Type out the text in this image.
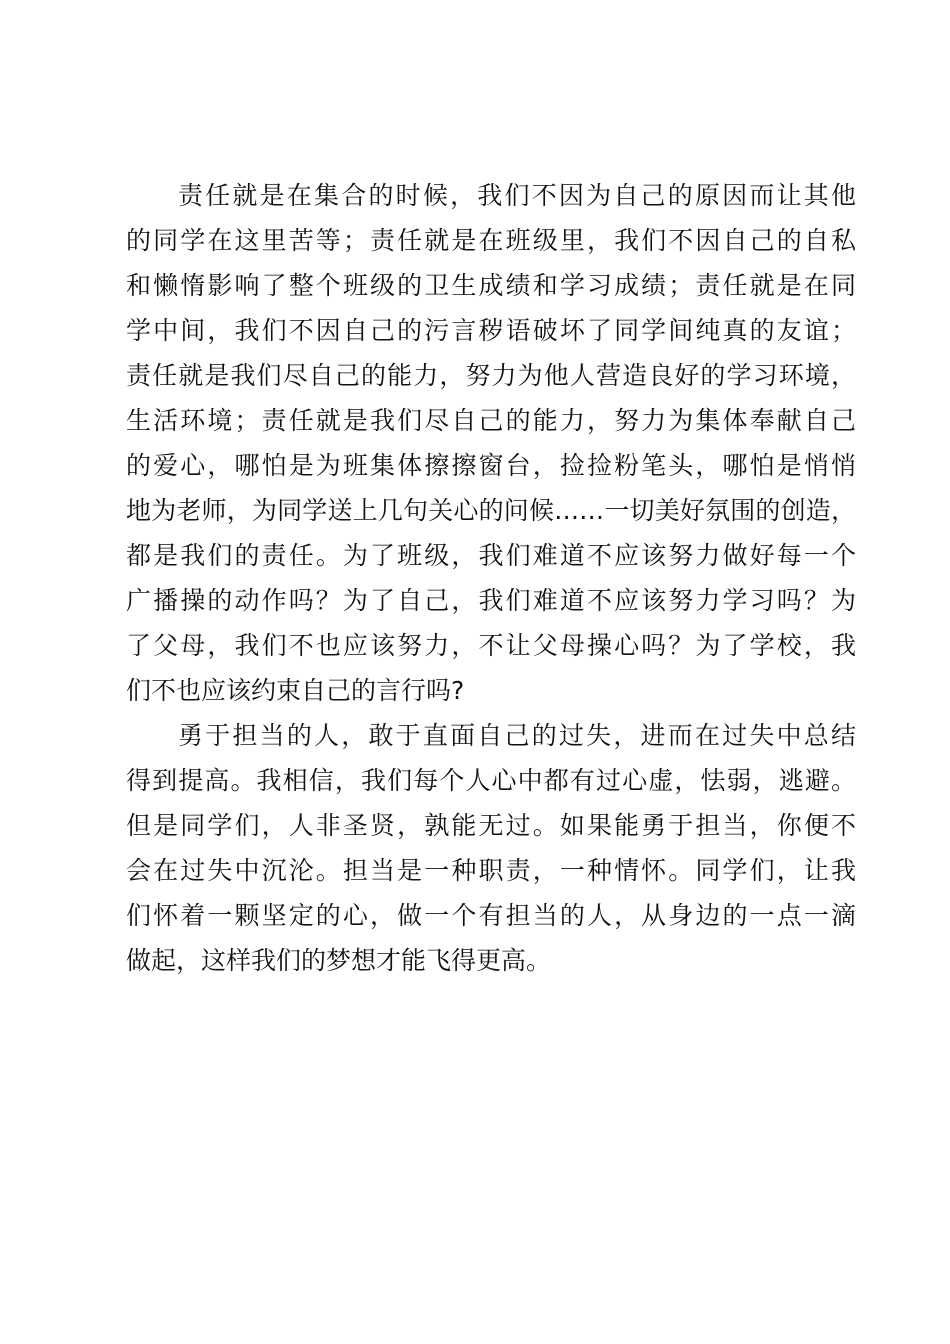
责任就是在集合的时候，我们不因为自己的原因而让其他
的同学在这里苦等；责任就是在班级里，我们不因自己的自私
和懒惰影响了整个班级的卫生成绩和学习成绩；责任就是在同
学中间，我们不因自己的污言秽语破坏了同学间纯真的友谊；
责任就是我们尽自己的能力，努力为他人营造良好的学习环境，
生活环境；责任就是我们尽自己的能力，努力为集体奉献自己
的爱心，哪怕是为班集体擦擦窗台，捡捡粉笔头，哪怕是悄悄
地为老师，为同学送上几句关心的问候……一切美好氛围的创造，
都是我们的责任。为了班级，我们难道不应该努力做好每一个
广播操的动作吗？为了自己，我们难道不应该努力学习吗？为
了父母，我们不也应该努力，不让父母操心吗？为了学校，我
们不也应该约束自己的言行吗?
勇于担当的人，敢于直面自己的过失，进而在过失中总结
得到提高。我相信，我们每个人心中都有过心虚，怯弱，逃避。
但是同学们，人非圣贤，孰能无过。如果能勇于担当，你便不
会在过失中沉沦。担当是一种职责，一种情怀。同学们，让我
们怀着一颗坚定的心，做一个有担当的人，从身边的一点一滴
做起，这样我们的梦想才能飞得更高。
